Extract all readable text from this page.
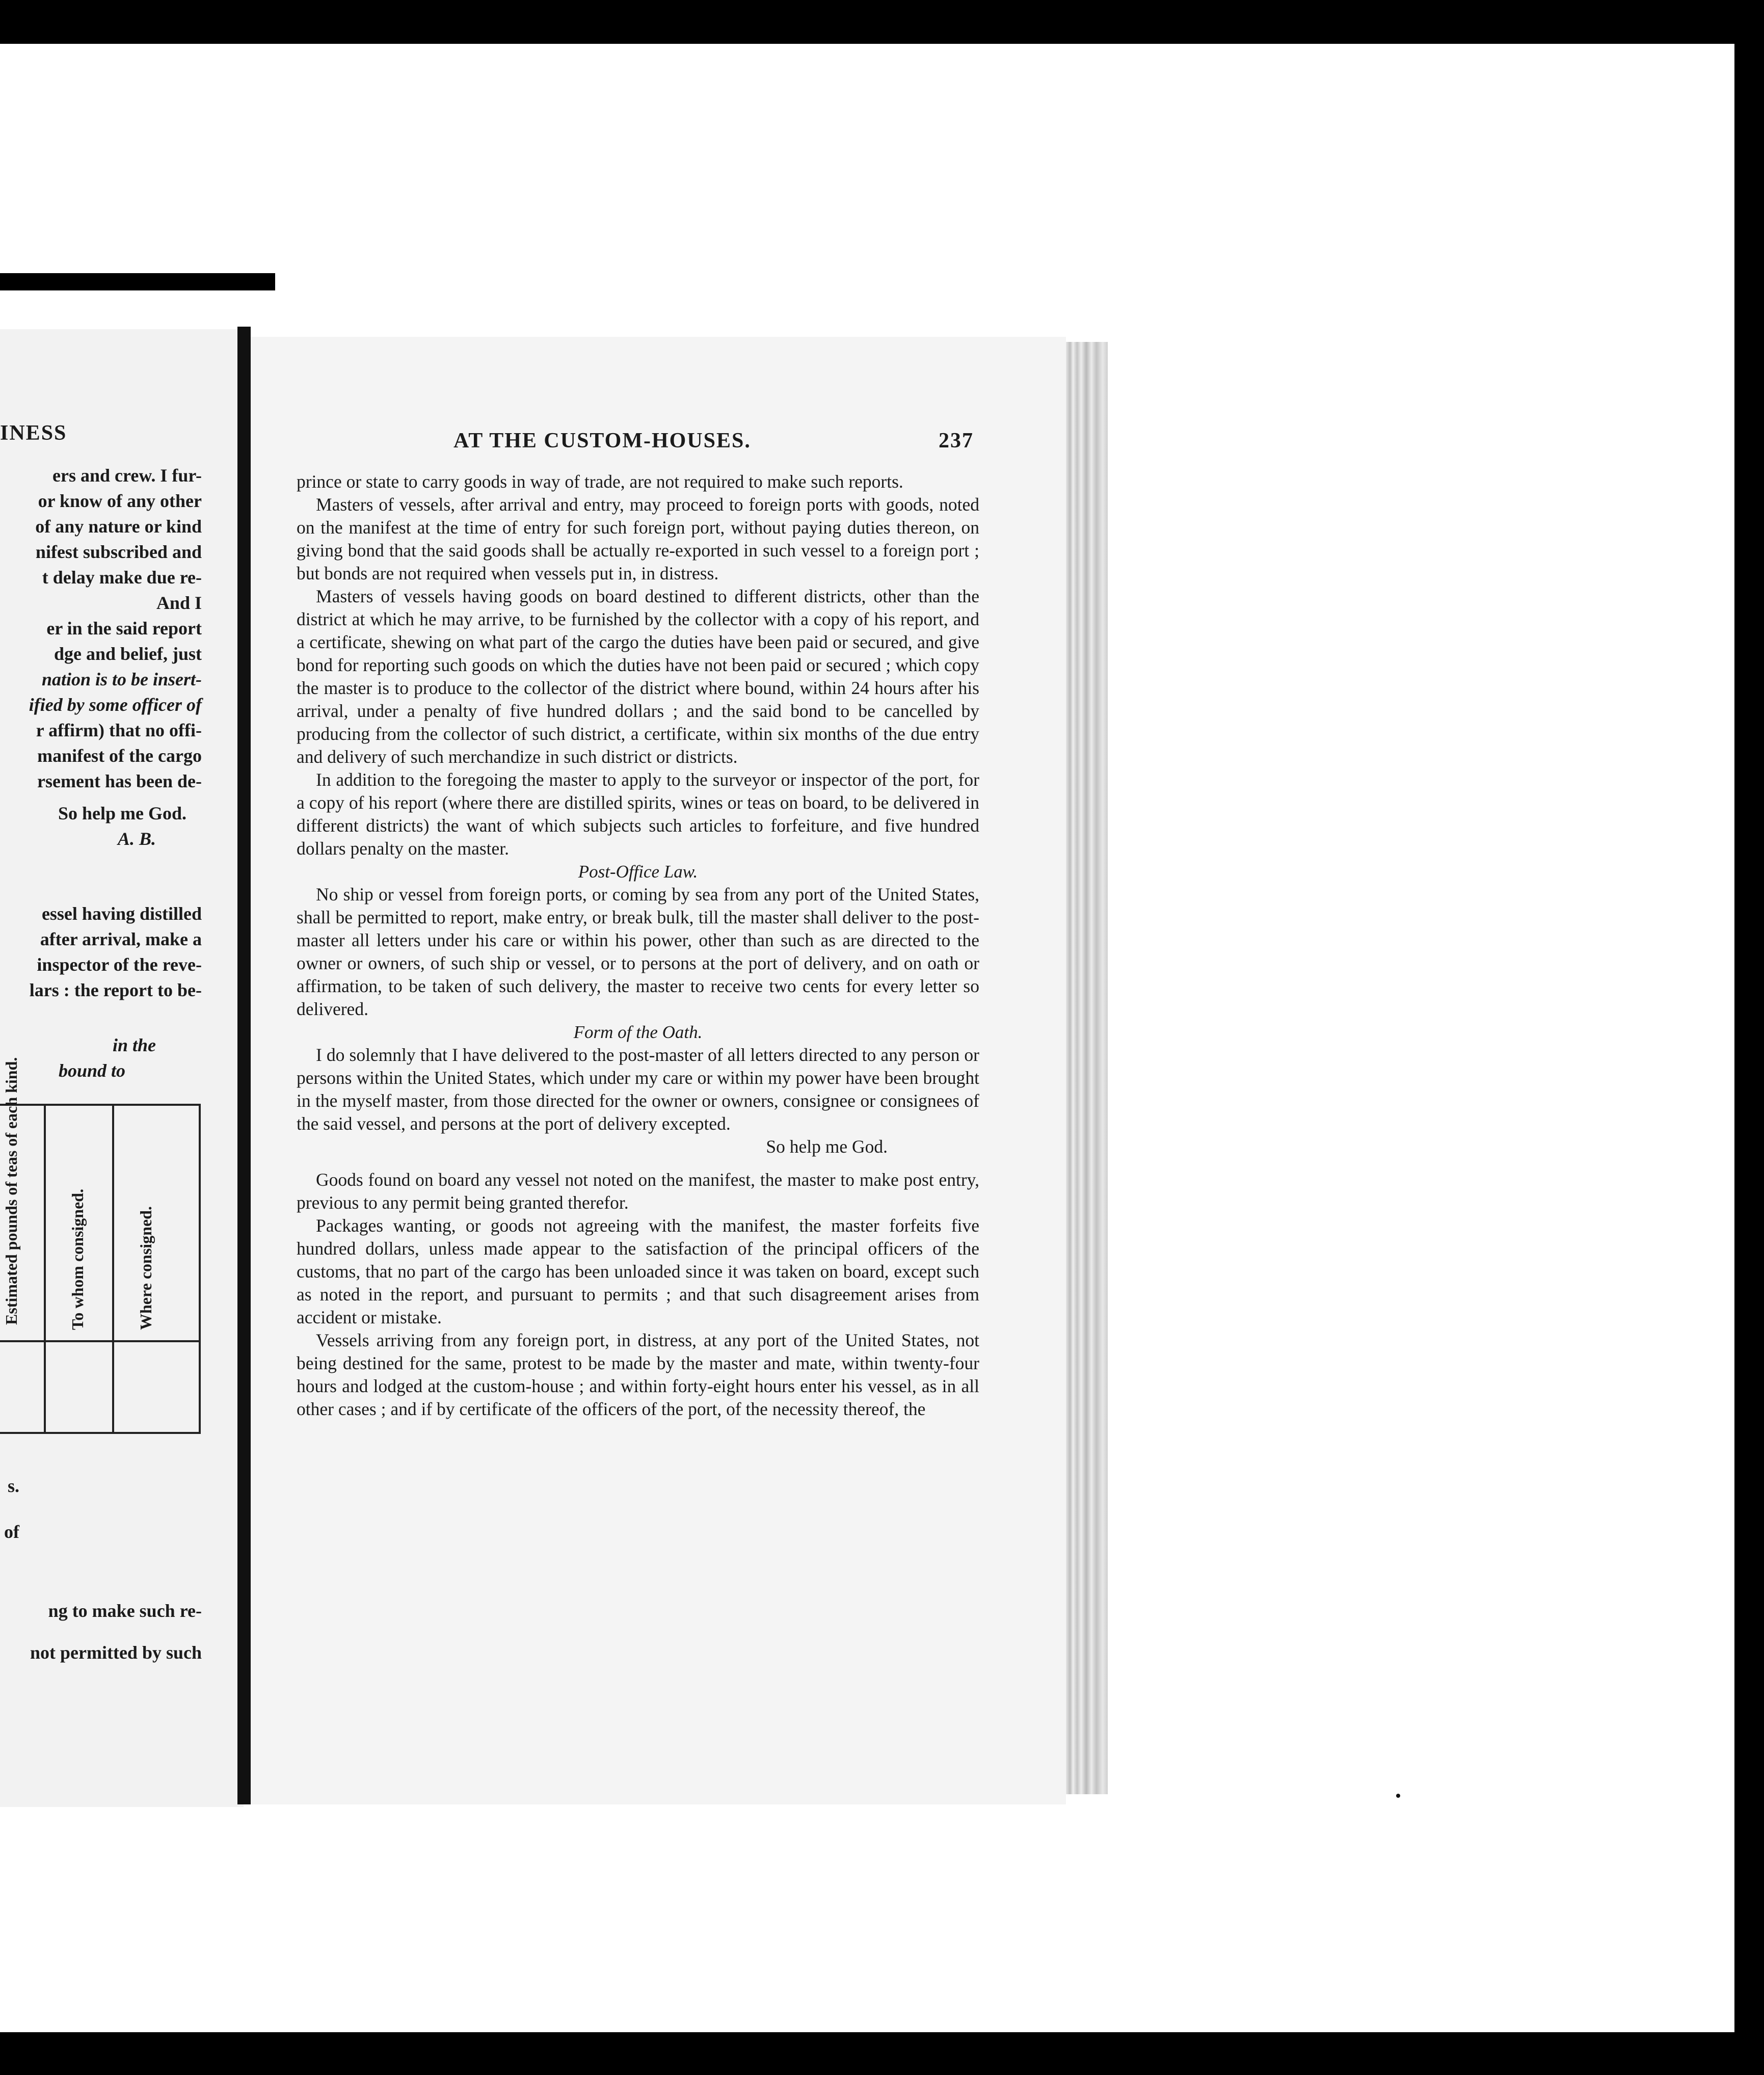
INESS
ers and crew. I fur-
or know of any other
of any nature or kind
nifest subscribed and
t delay make due re-
And I
er in the said report
dge and belief, just
nation is to be insert-
ified by some officer of
r affirm) that no offi-
manifest of the cargo
rsement has been de-
So help me God.
A. B.
essel having distilled
after arrival, make a
inspector of the reve-
lars : the report to be-
in the
bound to
Estimated pounds of teas of each kind.	To whom consigned.	Where consigned.
s.
of
ng to make such re-
not permitted by such
AT THE CUSTOM-HOUSES.	237

prince or state to carry goods in way of trade, are not required to make such reports.

Masters of vessels, after arrival and entry, may proceed to foreign ports with goods, noted on the manifest at the time of entry for such foreign port, without paying duties thereon, on giving bond that the said goods shall be actually re-exported in such vessel to a foreign port ; but bonds are not required when vessels put in, in distress.

Masters of vessels having goods on board destined to different districts, other than the district at which he may arrive, to be furnished by the collector with a copy of his report, and a certificate, shewing on what part of the cargo the duties have been paid or secured, and give bond for reporting such goods on which the duties have not been paid or secured ; which copy the master is to produce to the collector of the district where bound, within 24 hours after his arrival, under a penalty of five hundred dollars ; and the said bond to be cancelled by producing from the collector of such district, a certificate, within six months of the due entry and delivery of such merchandize in such district or districts.

In addition to the foregoing the master to apply to the surveyor or inspector of the port, for a copy of his report (where there are distilled spirits, wines or teas on board, to be delivered in different districts) the want of which subjects such articles to forfeiture, and five hundred dollars penalty on the master.

Post-Office Law.

No ship or vessel from foreign ports, or coming by sea from any port of the United States, shall be permitted to report, make entry, or break bulk, till the master shall deliver to the post-master all letters under his care or within his power, other than such as are directed to the owner or owners, of such ship or vessel, or to persons at the port of delivery, and on oath or affirmation, to be taken of such delivery, the master to receive two cents for every letter so delivered.

Form of the Oath.

I do solemnly that I have delivered to the post-master of all letters directed to any person or persons within the United States, which under my care or within my power have been brought in the myself master, from those directed for the owner or owners, consignee or consignees of the said vessel, and persons at the port of delivery excepted.

So help me God.

Goods found on board any vessel not noted on the manifest, the master to make post entry, previous to any permit being granted therefor.

Packages wanting, or goods not agreeing with the manifest, the master forfeits five hundred dollars, unless made appear to the satisfaction of the principal officers of the customs, that no part of the cargo has been unloaded since it was taken on board, except such as noted in the report, and pursuant to permits ; and that such disagreement arises from accident or mistake.

Vessels arriving from any foreign port, in distress, at any port of the United States, not being destined for the same, protest to be made by the master and mate, within twenty-four hours and lodged at the custom-house ; and within forty-eight hours enter his vessel, as in all other cases ; and if by certificate of the officers of the port, of the necessity thereof, the
